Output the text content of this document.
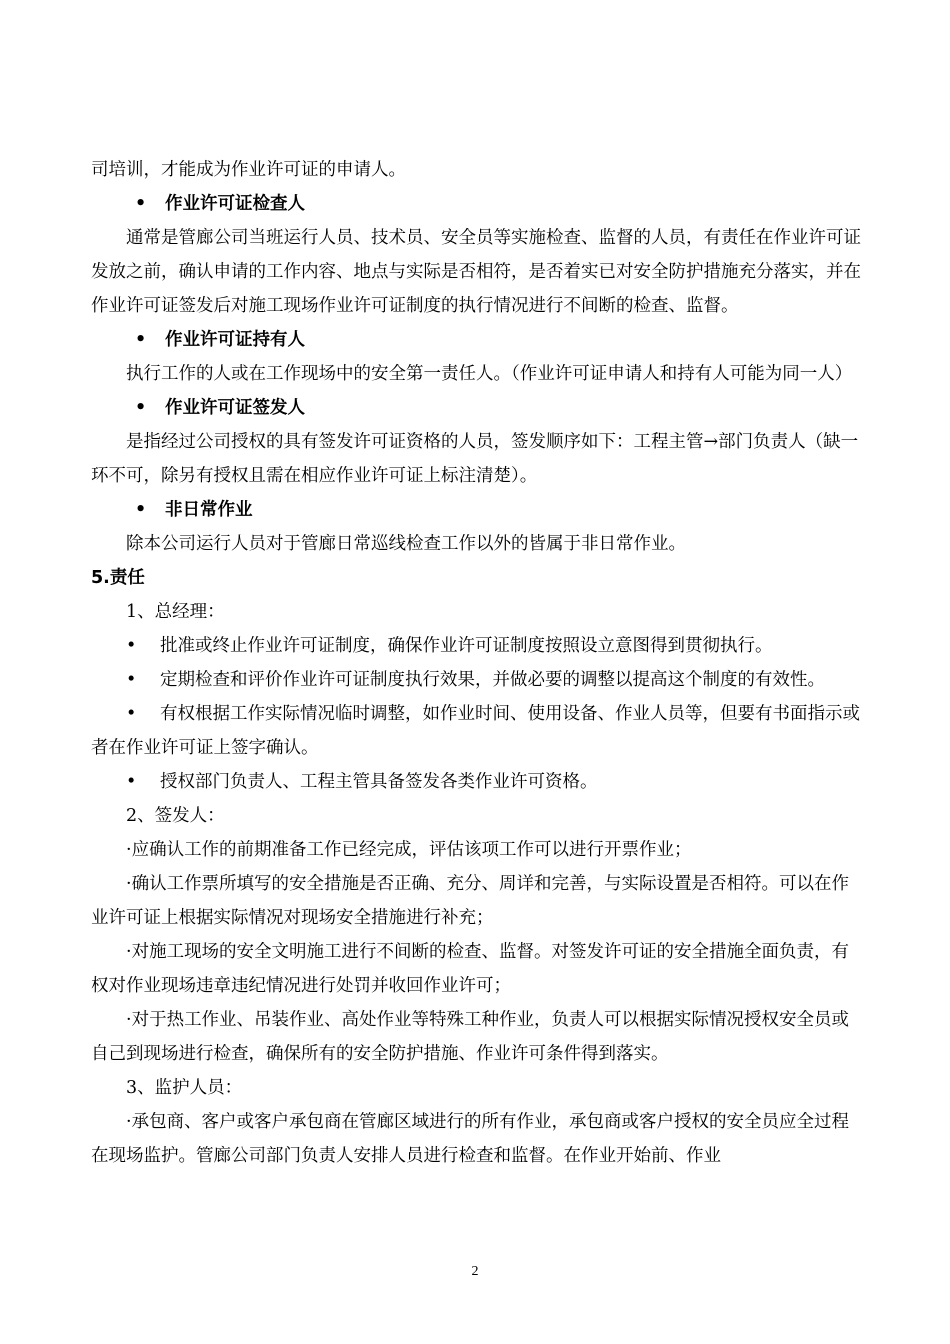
司培训，才能成为作业许可证的申请人。

• 作业许可证检查人

通常是管廊公司当班运行人员、技术员、安全员等实施检查、监督的人员，有责任在作业许可证发放之前，确认申请的工作内容、地点与实际是否相符，是否着实已对安全防护措施充分落实，并在作业许可证签发后对施工现场作业许可证制度的执行情况进行不间断的检查、监督。

• 作业许可证持有人

执行工作的人或在工作现场中的安全第一责任人。（作业许可证申请人和持有人可能为同一人）

• 作业许可证签发人

是指经过公司授权的具有签发许可证资格的人员，签发顺序如下：工程主管→部门负责人（缺一环不可，除另有授权且需在相应作业许可证上标注清楚）。

• 非日常作业

除本公司运行人员对于管廊日常巡线检查工作以外的皆属于非日常作业。

5.责任

1、总经理：

• 批准或终止作业许可证制度，确保作业许可证制度按照设立意图得到贯彻执行。

• 定期检查和评价作业许可证制度执行效果，并做必要的调整以提高这个制度的有效性。

• 有权根据工作实际情况临时调整，如作业时间、使用设备、作业人员等，但要有书面指示或者在作业许可证上签字确认。

• 授权部门负责人、工程主管具备签发各类作业许可资格。

2、签发人：

·应确认工作的前期准备工作已经完成，评估该项工作可以进行开票作业；

·确认工作票所填写的安全措施是否正确、充分、周详和完善，与实际设置是否相符。可以在作业许可证上根据实际情况对现场安全措施进行补充；

·对施工现场的安全文明施工进行不间断的检查、监督。对签发许可证的安全措施全面负责，有权对作业现场违章违纪情况进行处罚并收回作业许可；

·对于热工作业、吊装作业、高处作业等特殊工种作业，负责人可以根据实际情况授权安全员或自己到现场进行检查，确保所有的安全防护措施、作业许可条件得到落实。

3、监护人员：

·承包商、客户或客户承包商在管廊区域进行的所有作业，承包商或客户授权的安全员应全过程在现场监护。管廊公司部门负责人安排人员进行检查和监督。在作业开始前、作业

2
